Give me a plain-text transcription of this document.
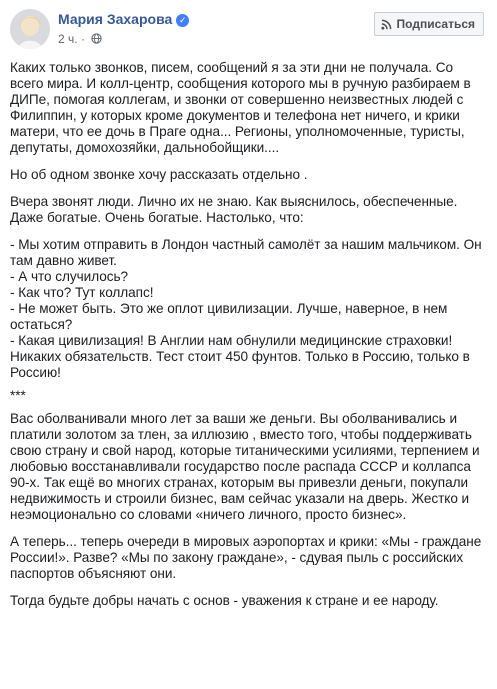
Мария Захарова ✓
2 ч. ·
Подписаться

Каких только звонков, писем, сообщений я за эти дни не получала. Со всего мира. И колл-центр, сообщения которого мы в ручную разбираем в ДИПе, помогая коллегам, и звонки от совершенно неизвестных людей с Филиппин, у которых кроме документов и телефона нет ничего, и крики матери, что ее дочь в Праге одна... Регионы, уполномоченные, туристы, депутаты, домохозяйки, дальнобойщики....

Но об одном звонке хочу рассказать отдельно .

Вчера звонят люди. Лично их не знаю. Как выяснилось, обеспеченные. Даже богатые. Очень богатые. Настолько, что:

- Мы хотим отправить в Лондон частный самолёт за нашим мальчиком. Он там давно живет.
- А что случилось?
- Как что? Тут коллапс!
- Не может быть. Это же оплот цивилизации. Лучше, наверное, в нем остаться?
- Какая цивилизация! В Англии нам обнулили медицинские страховки! Никаких обязательств. Тест стоит 450 фунтов. Только в Россию, только в Россию!

***

Вас оболванивали много лет за ваши же деньги. Вы оболванивались и платили золотом за тлен, за иллюзию , вместо того, чтобы поддерживать свою страну и свой народ, которые титаническими усилиями, терпением и любовью восстанавливали государство после распада СССР и коллапса 90-х. Так ещё во многих странах, которым вы привезли деньги, покупали недвижимость и строили бизнес, вам сейчас указали на дверь. Жестко и неэмоционально со словами «ничего личного, просто бизнес».

А теперь... теперь очереди в мировых аэропортах и крики: «Мы - граждане России!». Разве? «Мы по закону граждане», - сдувая пыль с российских паспортов объясняют они.

Тогда будьте добры начать с основ - уважения к стране и ее народу.
